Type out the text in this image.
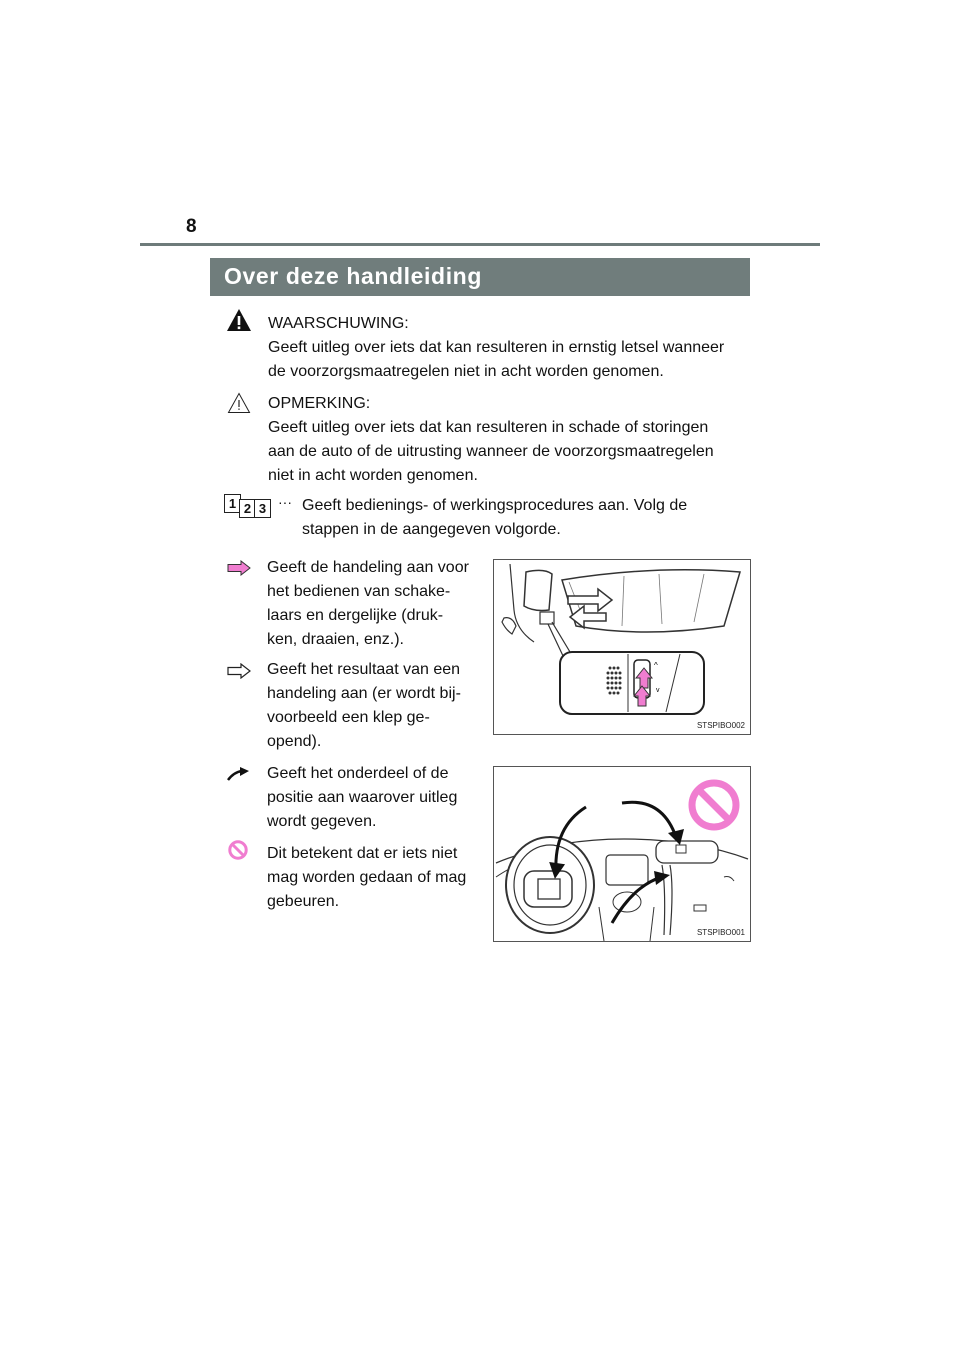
8
Over deze handleiding
WAARSCHUWING:
Geeft uitleg over iets dat kan resulteren in ernstig letsel wanneer
de voorzorgsmaatregelen niet in acht worden genomen.
OPMERKING:
Geeft uitleg over iets dat kan resulteren in schade of storingen
aan de auto of de uitrusting wanneer de voorzorgsmaatregelen
niet in acht worden genomen.
1 2 3 ··· Geeft bedienings- of werkingsprocedures aan. Volg de
stappen in de aangegeven volgorde.
Geeft de handeling aan voor
het bedienen van schake-
laars en dergelijke (druk-
ken, draaien, enz.).
Geeft het resultaat van een
handeling aan (er wordt bij-
voorbeeld een klep ge-
opend).
Geeft het onderdeel of de
positie aan waarover uitleg
wordt gegeven.
Dit betekent dat er iets niet
mag worden gedaan of mag
gebeuren.
^
v
STSPIBO002
STSPIBO001
